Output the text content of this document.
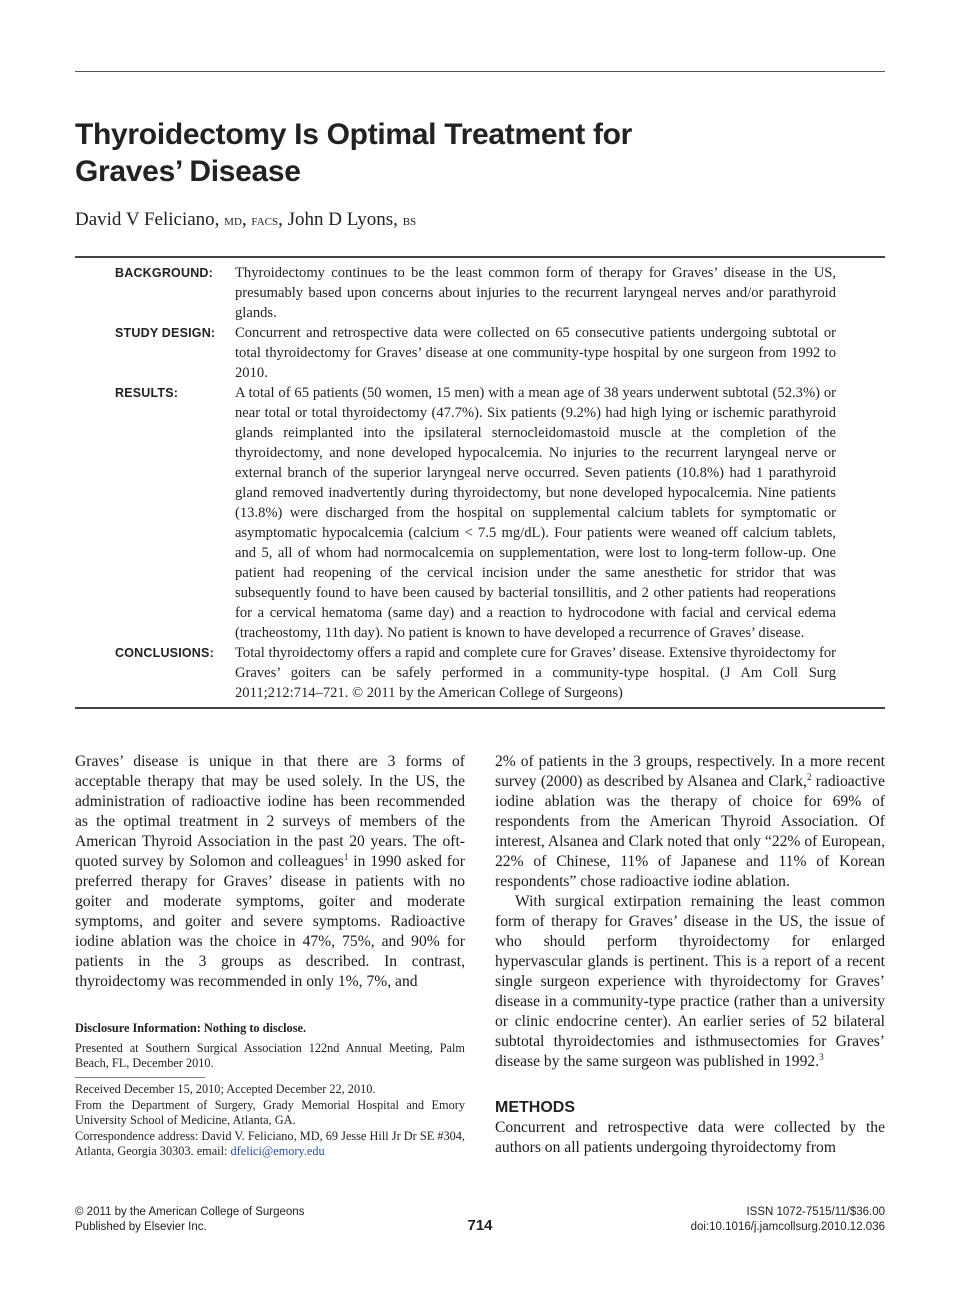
Thyroidectomy Is Optimal Treatment for
Graves’ Disease
David V Feliciano, md, facs, John D Lyons, bs
BACKGROUND:	Thyroidectomy continues to be the least common form of therapy for Graves’ disease in the US, presumably based upon concerns about injuries to the recurrent laryngeal nerves and/or parathyroid glands.

STUDY DESIGN:	Concurrent and retrospective data were collected on 65 consecutive patients undergoing subtotal or total thyroidectomy for Graves’ disease at one community-type hospital by one surgeon from 1992 to 2010.

RESULTS:	A total of 65 patients (50 women, 15 men) with a mean age of 38 years underwent subtotal (52.3%) or near total or total thyroidectomy (47.7%). Six patients (9.2%) had high lying or ischemic parathyroid glands reimplanted into the ipsilateral sternocleidomastoid muscle at the completion of the thyroidectomy, and none developed hypocalcemia. No injuries to the recurrent laryngeal nerve or external branch of the superior laryngeal nerve occurred. Seven patients (10.8%) had 1 parathyroid gland removed inadvertently during thyroidectomy, but none developed hypocalcemia. Nine patients (13.8%) were discharged from the hospital on supplemental calcium tablets for symptomatic or asymptomatic hypocalcemia (calcium < 7.5 mg/dL). Four patients were weaned off calcium tablets, and 5, all of whom had normocalcemia on supplementation, were lost to long-term follow-up. One patient had reopening of the cervical incision under the same anesthetic for stridor that was subsequently found to have been caused by bacterial tonsillitis, and 2 other patients had reoperations for a cervical hematoma (same day) and a reaction to hydrocodone with facial and cervical edema (tracheostomy, 11th day). No patient is known to have developed a recurrence of Graves’ disease.

CONCLUSIONS:	Total thyroidectomy offers a rapid and complete cure for Graves’ disease. Extensive thyroidectomy for Graves’ goiters can be safely performed in a community-type hospital. (J Am Coll Surg 2011;212:714–721. © 2011 by the American College of Surgeons)

Graves’ disease is unique in that there are 3 forms of acceptable therapy that may be used solely. In the US, the administration of radioactive iodine has been recommended as the optimal treatment in 2 surveys of members of the American Thyroid Association in the past 20 years. The oft-quoted survey by Solomon and colleagues$^1$ in 1990 asked for preferred therapy for Graves’ disease in patients with no goiter and moderate symptoms, goiter and moderate symptoms, and goiter and severe symptoms. Radioactive iodine ablation was the choice in 47%, 75%, and 90% for patients in the 3 groups as described. In contrast, thyroidectomy was recommended in only 1%, 7%, and

Disclosure Information: Nothing to disclose.

Presented at Southern Surgical Association 122nd Annual Meeting, Palm Beach, FL, December 2010.

Received December 15, 2010; Accepted December 22, 2010.

From the Department of Surgery, Grady Memorial Hospital and Emory University School of Medicine, Atlanta, GA.

Correspondence address: David V. Feliciano, MD, 69 Jesse Hill Jr Dr SE #304, Atlanta, Georgia 30303. email: dfelici@emory.edu

2% of patients in the 3 groups, respectively. In a more recent survey (2000) as described by Alsanea and Clark,$^2$ radioactive iodine ablation was the therapy of choice for 69% of respondents from the American Thyroid Association. Of interest, Alsanea and Clark noted that only “22% of European, 22% of Chinese, 11% of Japanese and 11% of Korean respondents” chose radioactive iodine ablation.

With surgical extirpation remaining the least common form of therapy for Graves’ disease in the US, the issue of who should perform thyroidectomy for enlarged hypervascular glands is pertinent. This is a report of a recent single surgeon experience with thyroidectomy for Graves’ disease in a community-type practice (rather than a university or clinic endocrine center). An earlier series of 52 bilateral subtotal thyroidectomies and isthmusectomies for Graves’ disease by the same surgeon was published in 1992.$^3$

METHODS

Concurrent and retrospective data were collected by the authors on all patients undergoing thyroidectomy from

© 2011 by the American College of Surgeons
Published by Elsevier Inc.	714
ISSN 1072-7515/11/$36.00
doi:10.1016/j.jamcollsurg.2010.12.036
